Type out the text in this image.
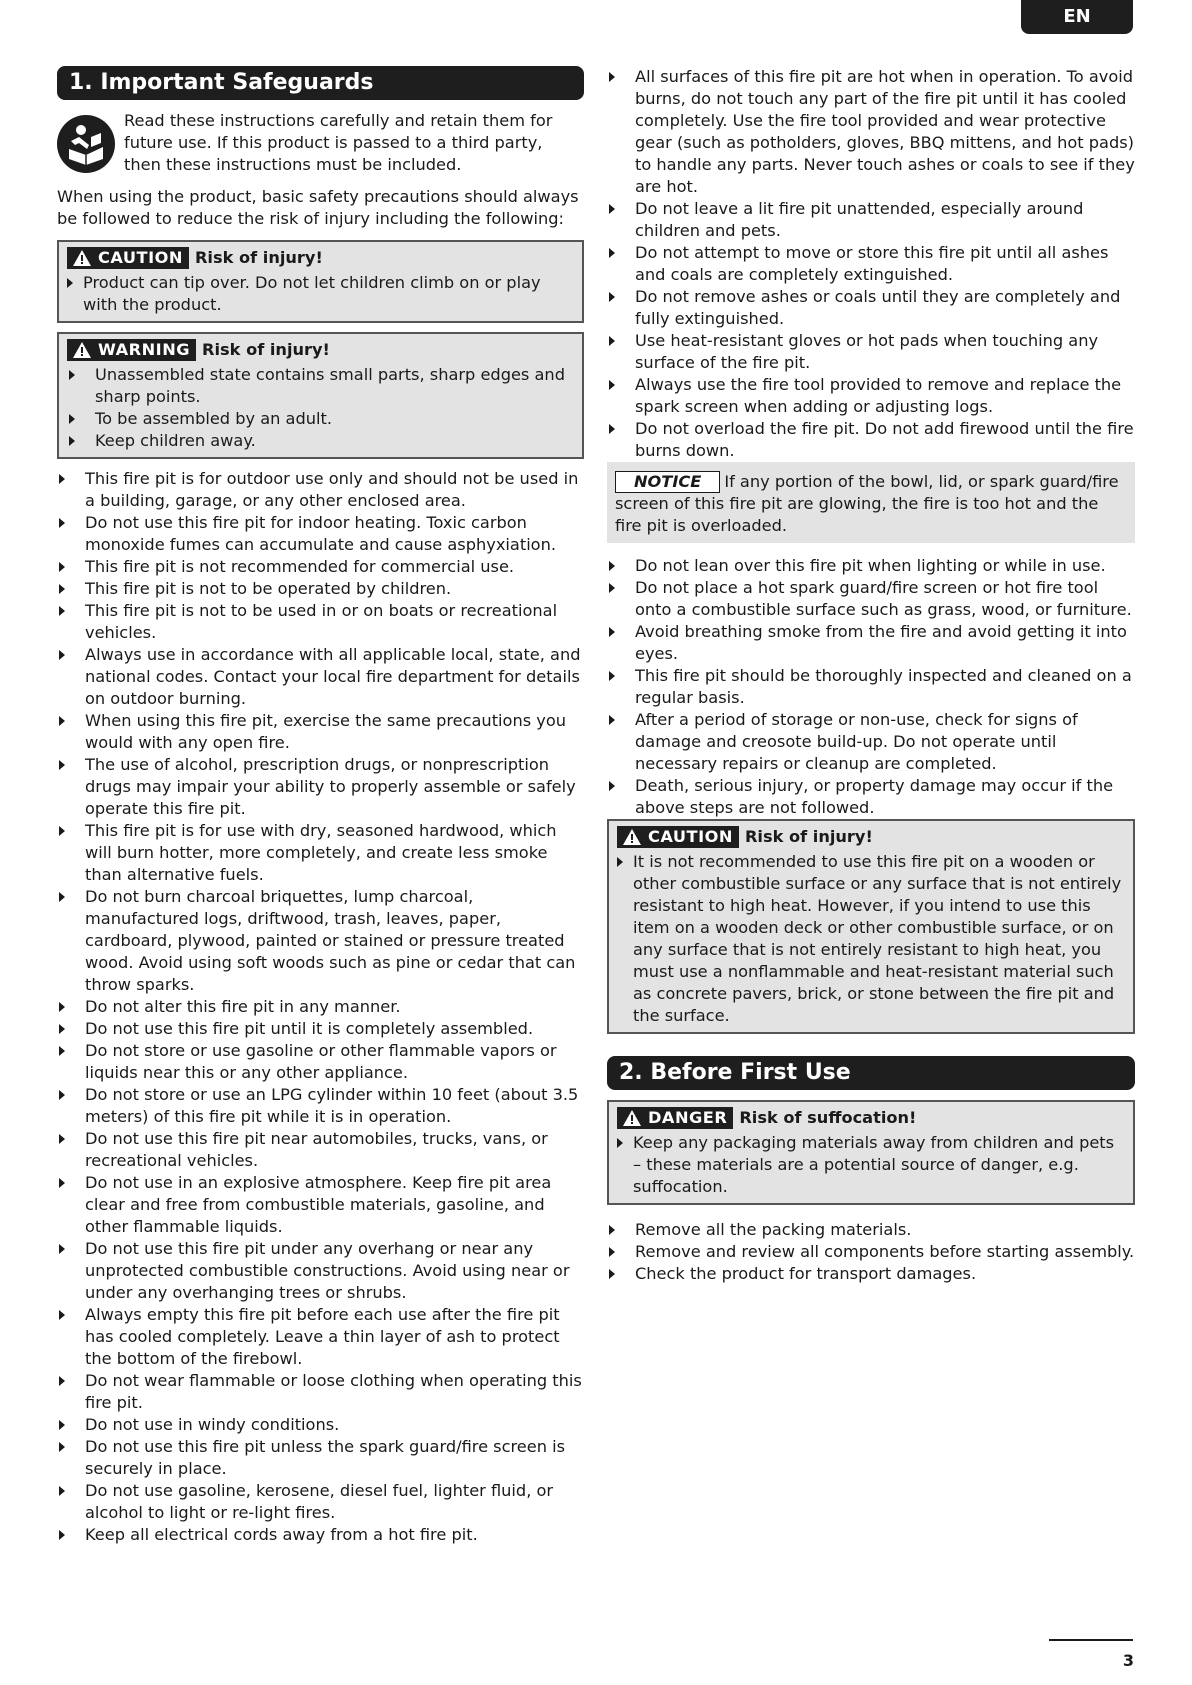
EN
1. Important Safeguards
Read these instructions carefully and retain them for future use. If this product is passed to a third party, then these instructions must be included.

When using the product, basic safety precautions should always be followed to reduce the risk of injury including the following:

CAUTION Risk of injury!
Product can tip over. Do not let children climb on or play with the product.
WARNING Risk of injury!
Unassembled state contains small parts, sharp edges and sharp points.
To be assembled by an adult.
Keep children away.
This fire pit is for outdoor use only and should not be used in a building, garage, or any other enclosed area.
Do not use this fire pit for indoor heating. Toxic carbon monoxide fumes can accumulate and cause asphyxiation.
This fire pit is not recommended for commercial use.
This fire pit is not to be operated by children.
This fire pit is not to be used in or on boats or recreational vehicles.
Always use in accordance with all applicable local, state, and national codes. Contact your local fire department for details on outdoor burning.
When using this fire pit, exercise the same precautions you would with any open fire.
The use of alcohol, prescription drugs, or nonprescription drugs may impair your ability to properly assemble or safely operate this fire pit.
This fire pit is for use with dry, seasoned hardwood, which will burn hotter, more completely, and create less smoke than alternative fuels.
Do not burn charcoal briquettes, lump charcoal, manufactured logs, driftwood, trash, leaves, paper, cardboard, plywood, painted or stained or pressure treated wood. Avoid using soft woods such as pine or cedar that can throw sparks.
Do not alter this fire pit in any manner.
Do not use this fire pit until it is completely assembled.
Do not store or use gasoline or other flammable vapors or liquids near this or any other appliance.
Do not store or use an LPG cylinder within 10 feet (about 3.5 meters) of this fire pit while it is in operation.
Do not use this fire pit near automobiles, trucks, vans, or recreational vehicles.
Do not use in an explosive atmosphere. Keep fire pit area clear and free from combustible materials, gasoline, and other flammable liquids.
Do not use this fire pit under any overhang or near any unprotected combustible constructions. Avoid using near or under any overhanging trees or shrubs.
Always empty this fire pit before each use after the fire pit has cooled completely. Leave a thin layer of ash to protect the bottom of the firebowl.
Do not wear flammable or loose clothing when operating this fire pit.
Do not use in windy conditions.
Do not use this fire pit unless the spark guard/fire screen is securely in place.
Do not use gasoline, kerosene, diesel fuel, lighter fluid, or alcohol to light or re-light fires.
Keep all electrical cords away from a hot fire pit.
All surfaces of this fire pit are hot when in operation. To avoid burns, do not touch any part of the fire pit until it has cooled completely. Use the fire tool provided and wear protective gear (such as potholders, gloves, BBQ mittens, and hot pads) to handle any parts. Never touch ashes or coals to see if they are hot.
Do not leave a lit fire pit unattended, especially around children and pets.
Do not attempt to move or store this fire pit until all ashes and coals are completely extinguished.
Do not remove ashes or coals until they are completely and fully extinguished.
Use heat-resistant gloves or hot pads when touching any surface of the fire pit.
Always use the fire tool provided to remove and replace the spark screen when adding or adjusting logs.
Do not overload the fire pit. Do not add firewood until the fire burns down.
NOTICE If any portion of the bowl, lid, or spark guard/fire screen of this fire pit are glowing, the fire is too hot and the fire pit is overloaded.
Do not lean over this fire pit when lighting or while in use.
Do not place a hot spark guard/fire screen or hot fire tool onto a combustible surface such as grass, wood, or furniture.
Avoid breathing smoke from the fire and avoid getting it into eyes.
This fire pit should be thoroughly inspected and cleaned on a regular basis.
After a period of storage or non-use, check for signs of damage and creosote build-up. Do not operate until necessary repairs or cleanup are completed.
Death, serious injury, or property damage may occur if the above steps are not followed.
CAUTION Risk of injury!
It is not recommended to use this fire pit on a wooden or other combustible surface or any surface that is not entirely resistant to high heat. However, if you intend to use this item on a wooden deck or other combustible surface, or on any surface that is not entirely resistant to high heat, you must use a nonflammable and heat-resistant material such as concrete pavers, brick, or stone between the fire pit and the surface.
2. Before First Use
DANGER Risk of suffocation!
Keep any packaging materials away from children and pets – these materials are a potential source of danger, e.g. suffocation.
Remove all the packing materials.
Remove and review all components before starting assembly.
Check the product for transport damages.
3
